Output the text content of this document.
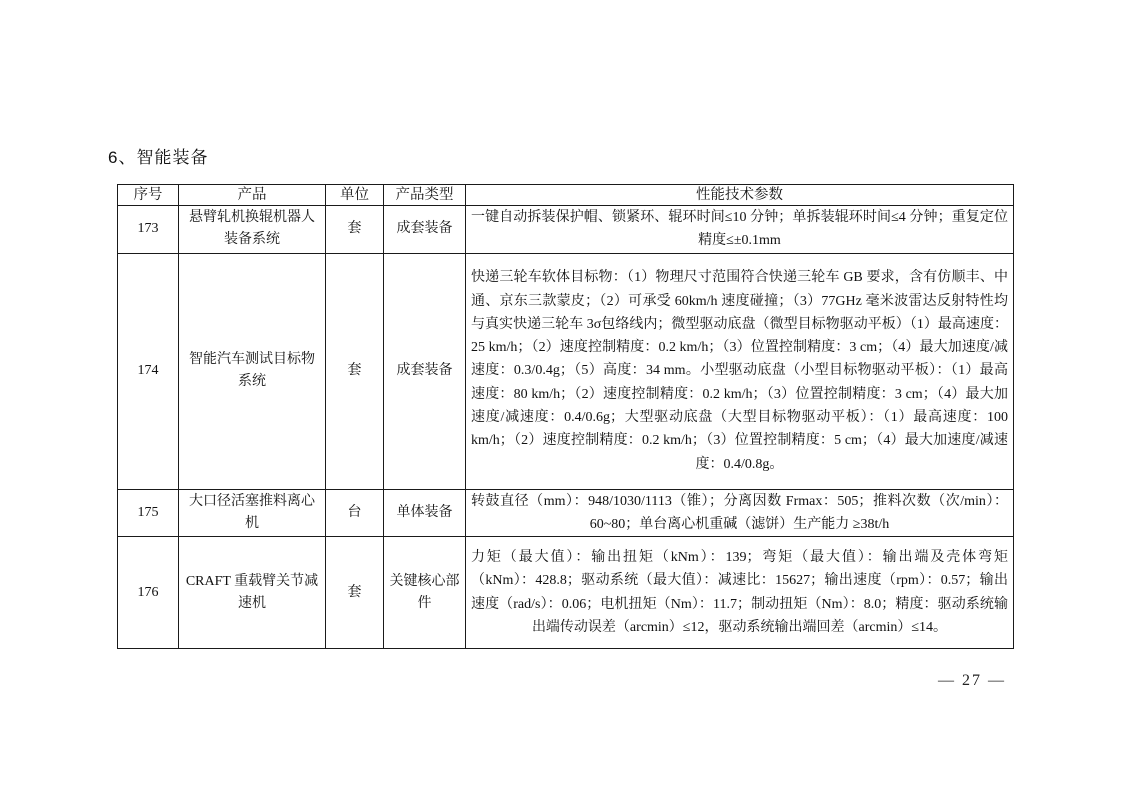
6、智能装备
序号	产品	单位	产品类型	性能技术参数
173	悬臂轧机换辊机器人装备系统	套	成套装备	一键自动拆装保护帽、锁紧环、辊环时间≤10 分钟；单拆装辊环时间≤4 分钟；重复定位精度≤±0.1mm
174	智能汽车测试目标物系统	套	成套装备	快递三轮车软体目标物：（1）物理尺寸范围符合快递三轮车 GB 要求，含有仿顺丰、中通、京东三款蒙皮；（2）可承受 60km/h 速度碰撞；（3）77GHz 毫米波雷达反射特性均与真实快递三轮车 3σ包络线内；微型驱动底盘（微型目标物驱动平板）（1）最高速度：25 km/h；（2）速度控制精度：0.2 km/h；（3）位置控制精度：3 cm；（4）最大加速度/减速度：0.3/0.4g；（5）高度：34 mm。小型驱动底盘（小型目标物驱动平板）：（1）最高速度：80 km/h；（2）速度控制精度：0.2 km/h；（3）位置控制精度：3 cm；（4）最大加速度/减速度：0.4/0.6g；大型驱动底盘（大型目标物驱动平板）：（1）最高速度：100 km/h；（2）速度控制精度：0.2 km/h；（3）位置控制精度：5 cm；（4）最大加速度/减速度：0.4/0.8g。
175	大口径活塞推料离心机	台	单体装备	转鼓直径（mm）：948/1030/1113（锥）；分离因数 Frmax：505；推料次数（次/min）：60~80；单台离心机重碱（滤饼）生产能力 ≥38t/h
176	CRAFT 重载臂关节减速机	套	关键核心部件	力矩（最大值）：输出扭矩（kNm）：139；弯矩（最大值）：输出端及壳体弯矩（kNm）：428.8；驱动系统（最大值）：减速比：15627；输出速度（rpm）：0.57；输出速度（rad/s）：0.06；电机扭矩（Nm）：11.7；制动扭矩（Nm）：8.0；精度：驱动系统输出端传动误差（arcmin）≤12，驱动系统输出端回差（arcmin）≤14。
— 27 —
